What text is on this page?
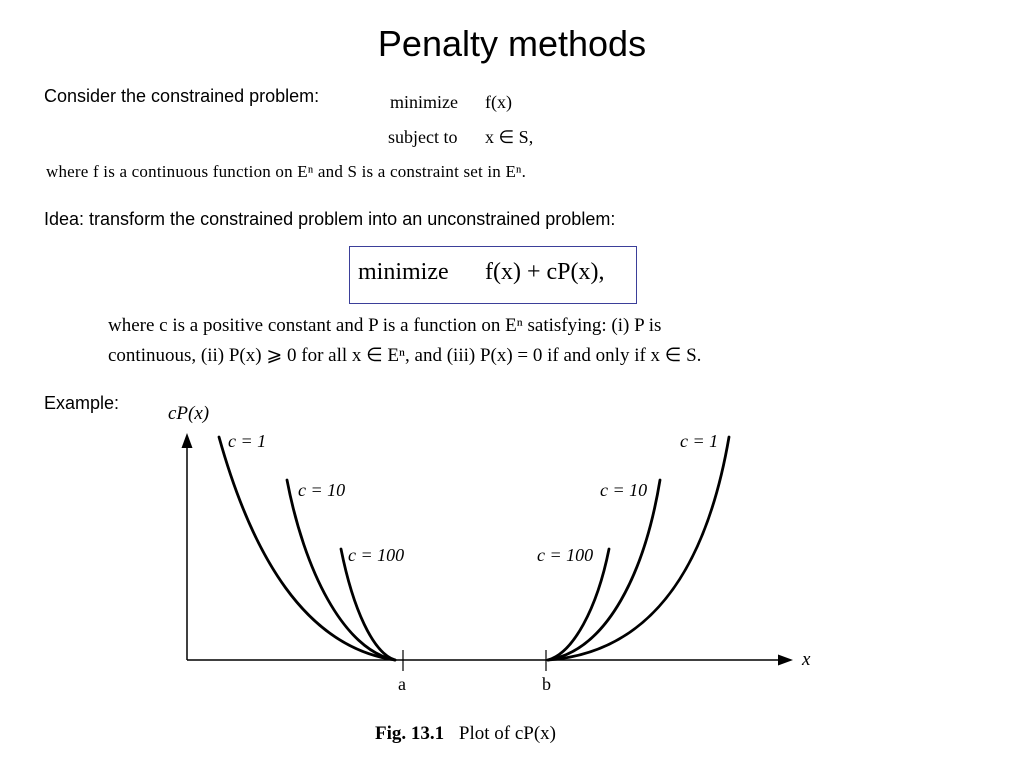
Penalty methods
Consider the constrained problem:	minimize f(x)
subject to x ∈ S,
where f is a continuous function on Eⁿ and S is a constraint set in Eⁿ.
Idea: transform the constrained problem into an unconstrained problem:
minimize f(x) + cP(x),
where c is a positive constant and P is a function on Eⁿ satisfying: (i) P is
continuous, (ii) P(x) ⩾ 0 for all x ∈ Eⁿ, and (iii) P(x) = 0 if and only if x ∈ S.
Example:	cP(x)
x
a	b
c = 1
c = 10
c = 100
c = 1
c = 10
c = 100
Fig. 13.1 Plot of cP(x)
